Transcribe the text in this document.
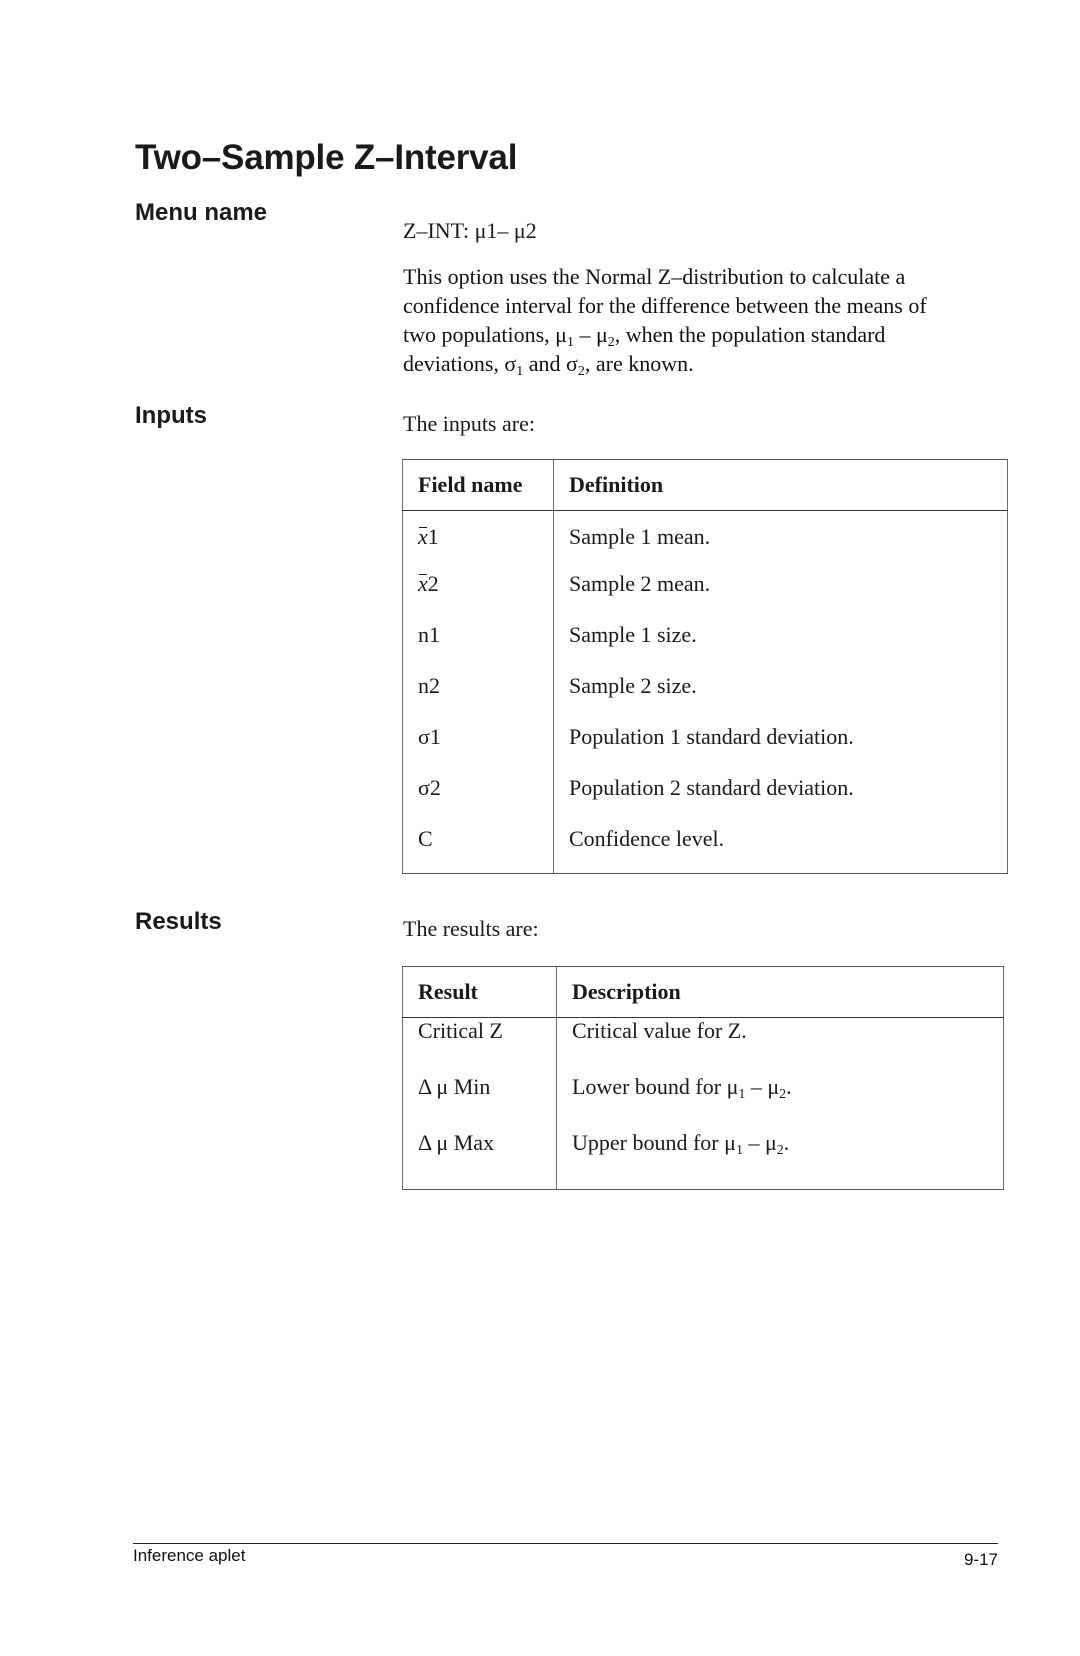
Two–Sample Z–Interval
Menu name
Z–INT: μ1– μ2
This option uses the Normal Z–distribution to calculate a
confidence interval for the difference between the means of
two populations, $\mu_1 - \mu_2$, when the population standard
deviations, $\sigma_1$ and $\sigma_2$, are known.
Inputs	The inputs are:
Field name	Definition
x1	Sample 1 mean.
x2	Sample 2 mean.
n1	Sample 1 size.
n2	Sample 2 size.
σ1	Population 1 standard deviation.
σ2	Population 2 standard deviation.
C	Confidence level.
Results	The results are:
Result	Description
Critical Z	Critical value for Z.
Δ μ Min	Lower bound for $\mu_1 - \mu_2$.
Δ μ Max	Upper bound for $\mu_1 - \mu_2$.
Inference aplet	9-17
